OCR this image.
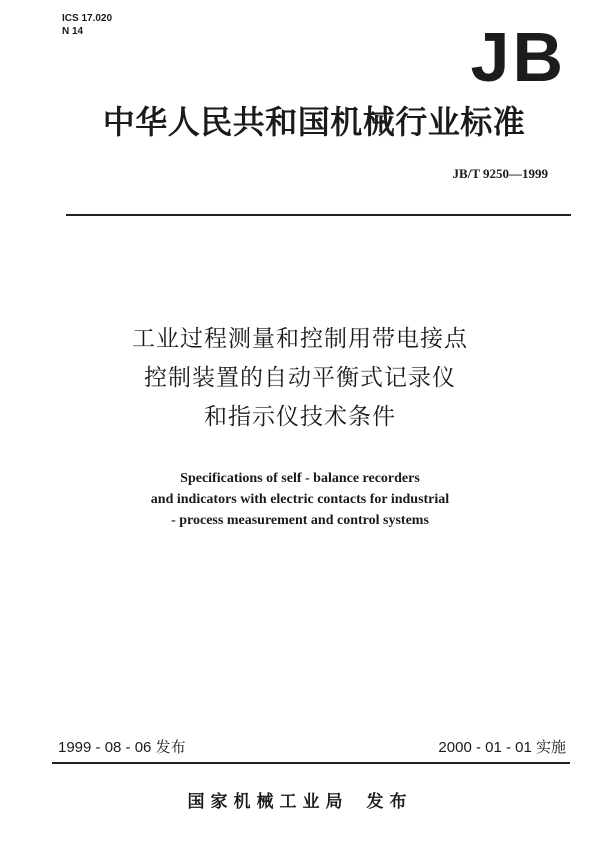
ICS 17.020
N 14	JB
中华人民共和国机械行业标准
JB/T 9250—1999
工业过程测量和控制用带电接点
控制装置的自动平衡式记录仪
和指示仪技术条件
Specifications of self - balance recorders
and indicators with electric contacts for industrial
- process measurement and control systems
1999 - 08 - 06 发布	2000 - 01 - 01 实施
国家机械工业局 发布
